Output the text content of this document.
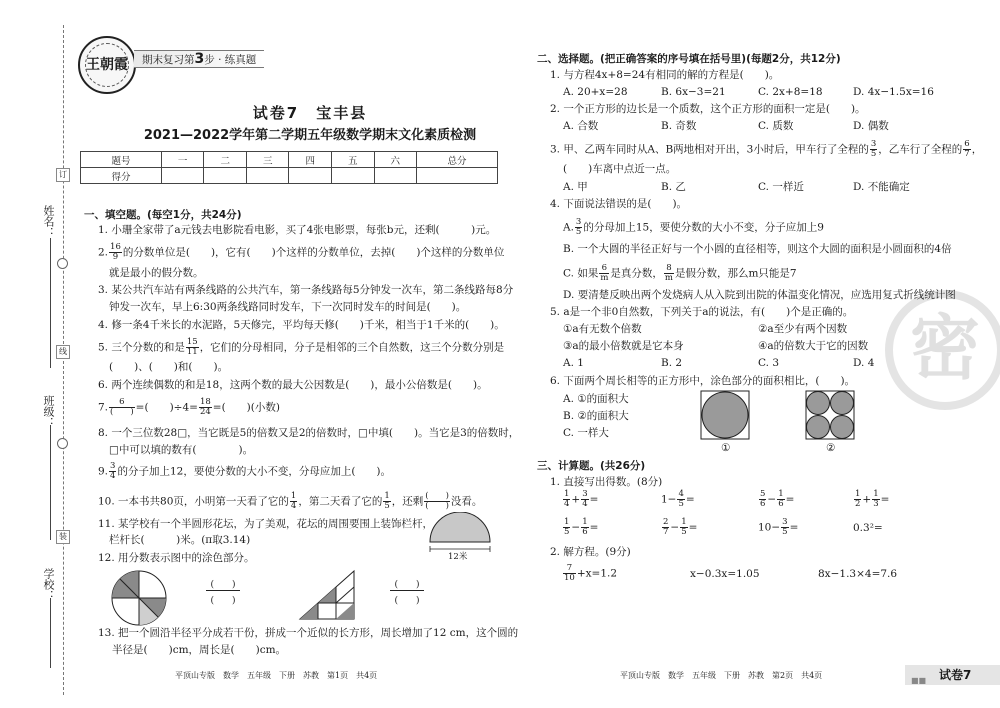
姓名：
班级：
学校：
订
线
装
王朝霞	期末复习第3步 · 练真题
试卷7　宝丰县
2021—2022学年第二学期五年级数学期末文化素质检测
题号	一	二	三	四	五	六	总分
得分							
一、填空题。(每空1分，共24分)
1. 小珊全家带了a元钱去电影院看电影，买了4张电影票，每张b元，还剩(　　　)元。
2. $\frac{16}{9}$ 的分数单位是(　　)，它有(　　)个这样的分数单位，去掉(　　)个这样的分数单位
就是最小的假分数。
3. 某公共汽车站有两条线路的公共汽车，第一条线路每5分钟发一次车，第二条线路每8分
钟发一次车，早上6:30两条线路同时发车，下一次同时发车的时间是(　　)。
4. 修一条4千米长的水泥路，5天修完，平均每天修(　　)千米，相当于1千米的(　　)。
5. 三个分数的和是 $\frac{15}{11}$ ，它们的分母相同，分子是相邻的三个自然数，这三个分数分别是
(　　)、(　　)和(　　)。
6. 两个连续偶数的和是18，这两个数的最大公因数是(　　)，最小公倍数是(　　)。
7.	6
(　　) =(　　)$\div 4= \frac{18}{24}$ =(　　)(小数)
8. 一个三位数28□，当它既是5的倍数又是2的倍数时，□中填(　　)。当它是3的倍数时，
□中可以填的数有(　　　　)。
9. $\frac{3}{4}$ 的分子加上12，要使分数的大小不变，分母应加上(　　)。
10. 一本书共80页，小明第一天看了它的 $\frac{1}{4}$ ，第二天看了它的 $\frac{1}{5}$ ，还剩 (　　)
(　　) 没看。
11. 某学校有一个半圆形花坛，为了美观，花坛的周围要围上装饰栏杆，
栏杆长(　　　)米。(π取3.14)
12米
12. 用分数表示图中的涂色部分。
(　　)
(　　)
(　　)
(　　)
13. 把一个圆沿半径平分成若干份，拼成一个近似的长方形，周长增加了12 cm，这个圆的
半径是(　　)cm，周长是(　　)cm。
平顶山专版　数学　五年级　下册　苏教　第1页　共4页
密
二、选择题。(把正确答案的序号填在括号里)(每题2分，共12分)
1. 与方程4x+8=24有相同的解的方程是(　　)。
A. 20+x=28	B. 6x−3=21	C. 2x+8=18	D. 4x−1.5x=16
2. 一个正方形的边长是一个质数，这个正方形的面积一定是(　　)。
A. 合数	B. 奇数	C. 质数	D. 偶数
3. 甲、乙两车同时从A、B两地相对开出，3小时后，甲车行了全程的 $\frac{3}{5}$ ，乙车行了全程的 $\frac{6}{7}$ ，
(　　)车离中点近一点。
A. 甲	B. 乙	C. 一样近	D. 不能确定
4. 下面说法错误的是(　　)。
A. $\frac{3}{5}$ 的分母加上15，要使分数的大小不变，分子应加上9
B. 一个大圆的半径正好与一个小圆的直径相等，则这个大圆的面积是小圆面积的4倍
C. 如果 $\frac{6}{m}$ 是真分数， $\frac{8}{m}$ 是假分数，那么m只能是7
D. 要清楚反映出两个发烧病人从入院到出院的体温变化情况，应选用复式折线统计图
5. a是一个非0自然数，下列关于a的说法，有(　　)个是正确的。
①a有无数个倍数	②a至少有两个因数
③a的最小倍数就是它本身	④a的倍数大于它的因数
A. 1	B. 2	C. 3	D. 4
6. 下面两个周长相等的正方形中，涂色部分的面积相比，(　　)。
A. ①的面积大
B. ②的面积大
C. 一样大
①	②
三、计算题。(共26分)
1. 直接写出得数。(8分)
$\frac{1}{4} + \frac{3}{4}$ =	$1- \frac{4}{5}$ =	$\frac{5}{6} - \frac{1}{6}$ =	$\frac{1}{2} + \frac{1}{3}$ =
$\frac{1}{5} - \frac{1}{6}$ =	$\frac{2}{7} - \frac{1}{5}$ =	$10- \frac{3}{5}$ =	0.3²=
2. 解方程。(9分)
$\frac{7}{10} +x=1.2$	x−0.3x=1.05	8x−1.3×4=7.6
平顶山专版　数学　五年级　下册　苏教　第2页　共4页
■■ 试卷7
